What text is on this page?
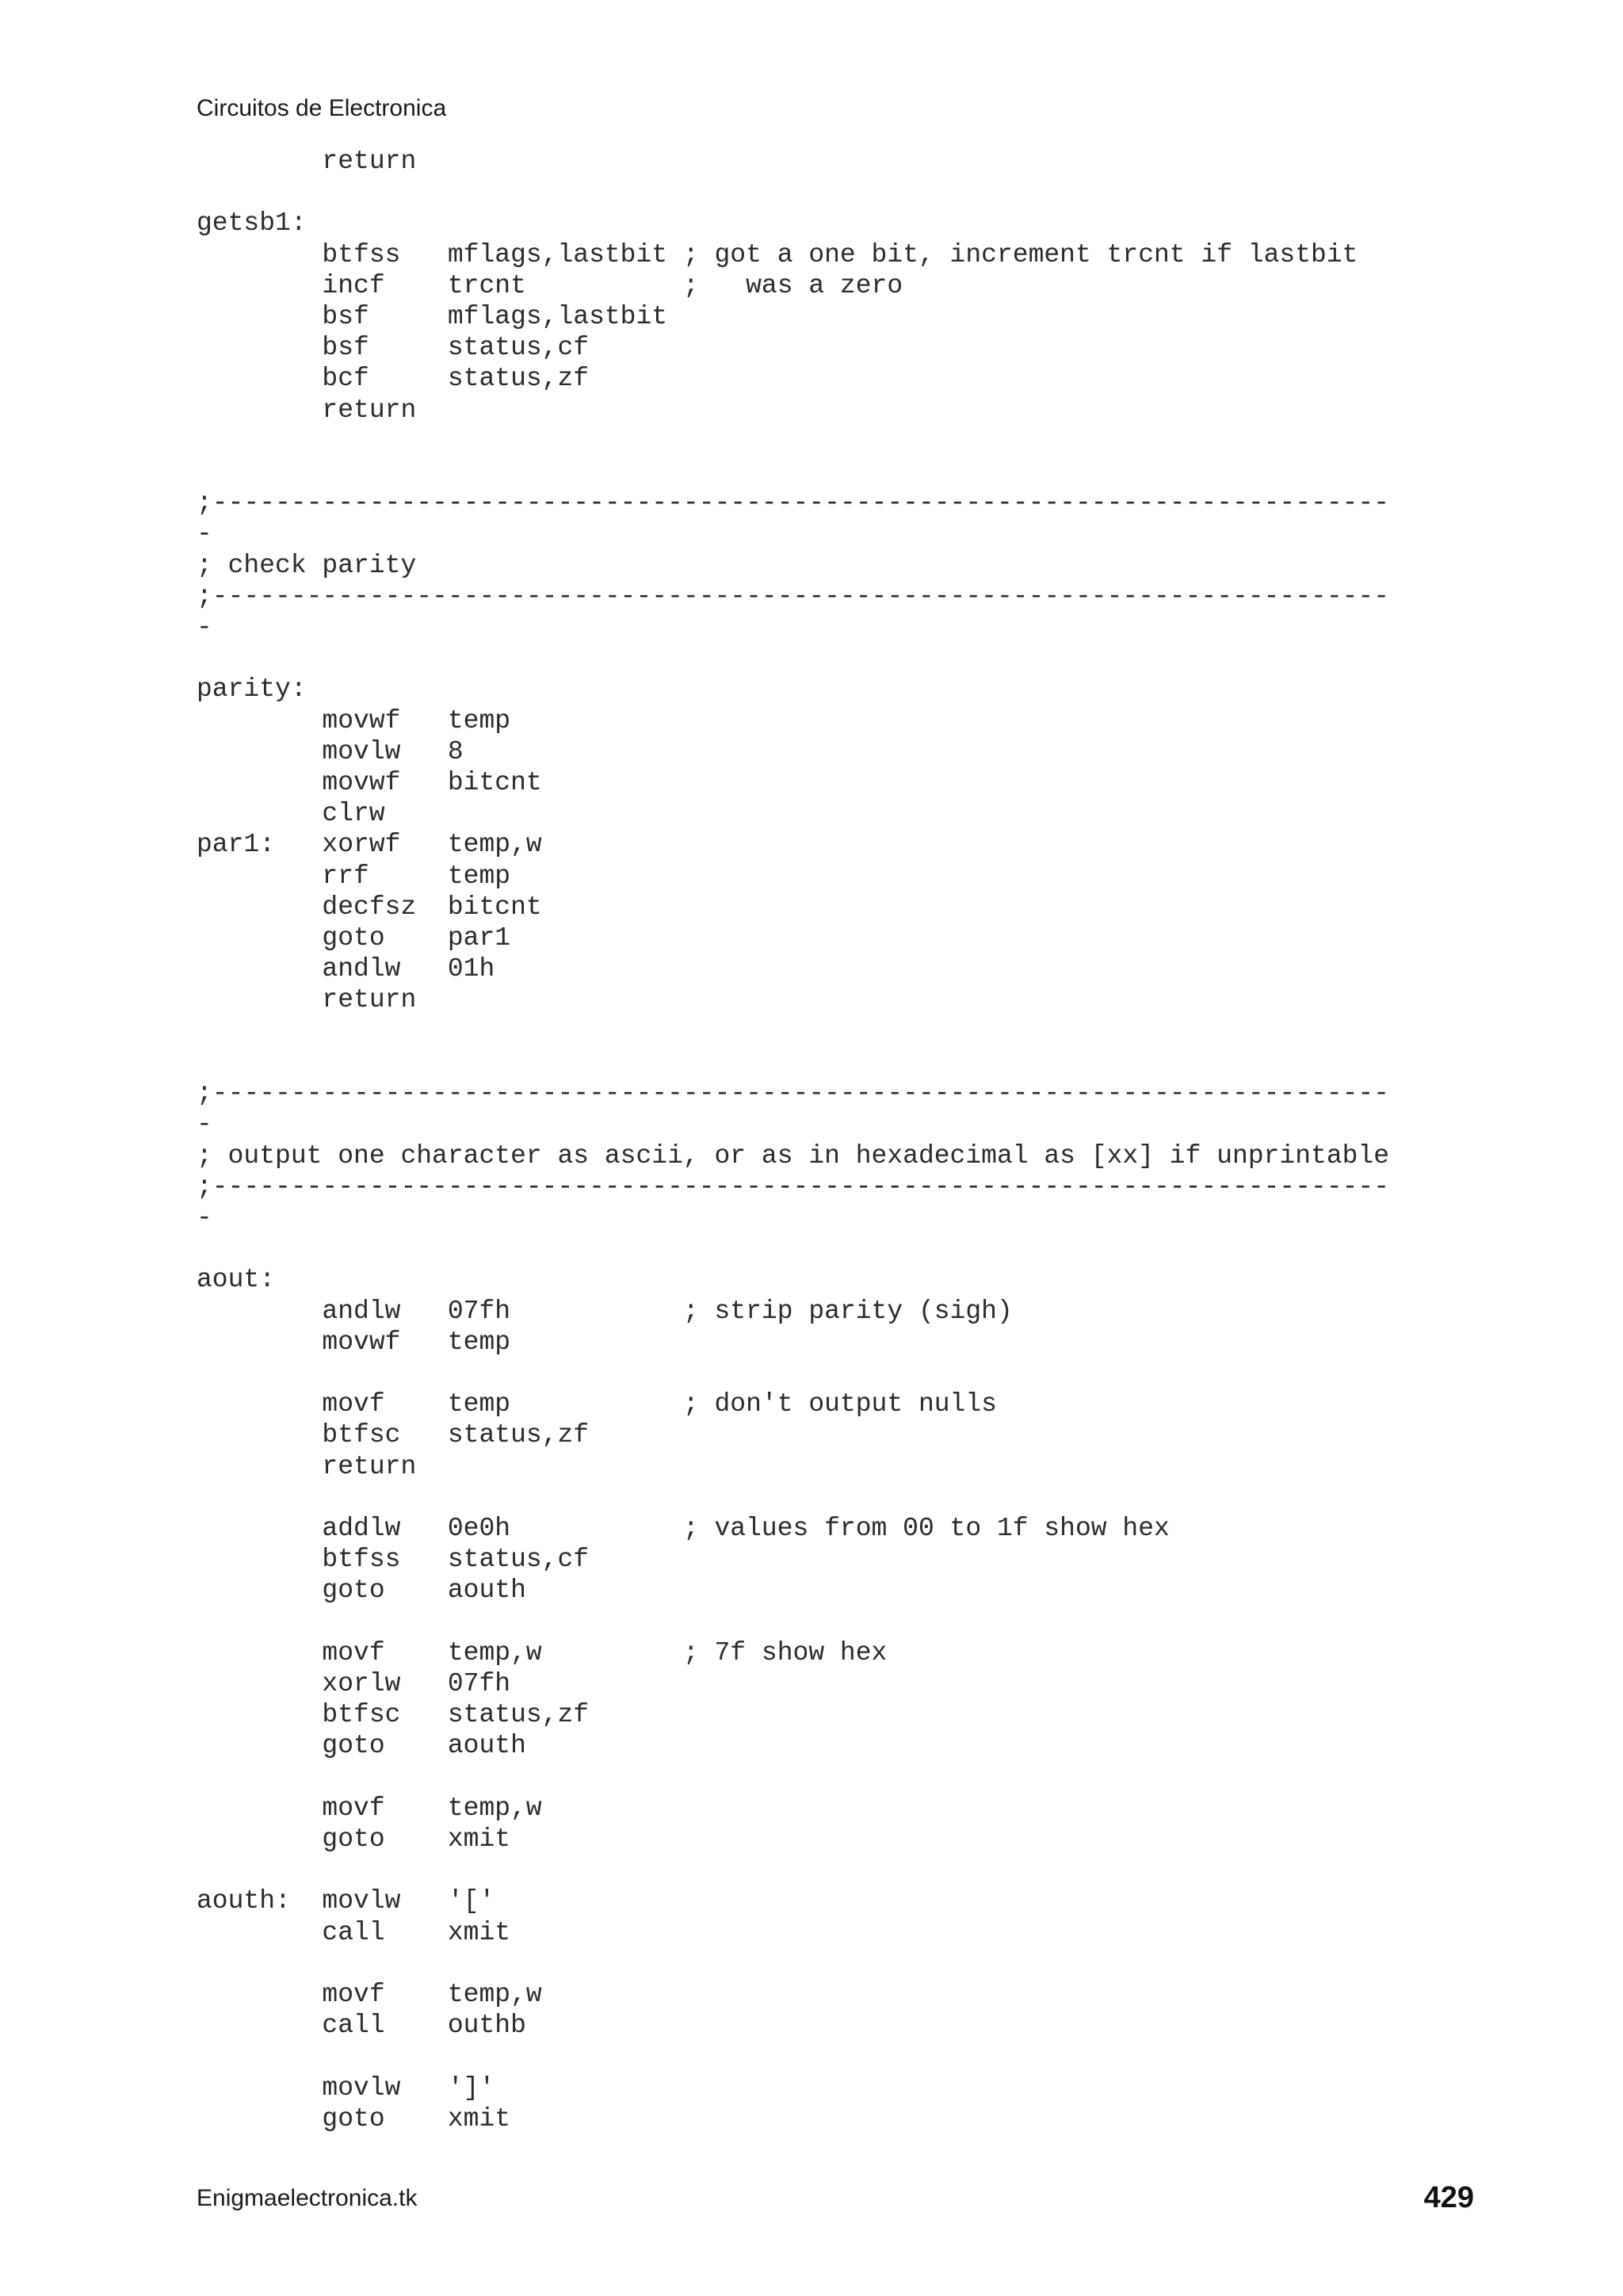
Circuitos de Electronica
return

getsb1:
btfss   mflags,lastbit ; got a one bit, increment trcnt if lastbit
incf    trcnt          ;   was a zero
bsf     mflags,lastbit
bsf     status,cf
bcf     status,zf
return

;---------------------------------------------------------------------------
-
; check parity
;---------------------------------------------------------------------------
-

parity:
movwf   temp
movlw   8
movwf   bitcnt
clrw
par1:   xorwf   temp,w
rrf     temp
decfsz  bitcnt
goto    par1
andlw   01h
return

;---------------------------------------------------------------------------
-
; output one character as ascii, or as in hexadecimal as [xx] if unprintable
;---------------------------------------------------------------------------
-

aout:
andlw   07fh           ; strip parity (sigh)
movwf   temp

movf    temp           ; don't output nulls
btfsc   status,zf
return

addlw   0e0h           ; values from 00 to 1f show hex
btfss   status,cf
goto    aouth

movf    temp,w         ; 7f show hex
xorlw   07fh
btfsc   status,zf
goto    aouth

movf    temp,w
goto    xmit

aouth:  movlw   '['
call    xmit

movf    temp,w
call    outhb

movlw   ']'
goto    xmit
Enigmaelectronica.tk	429
